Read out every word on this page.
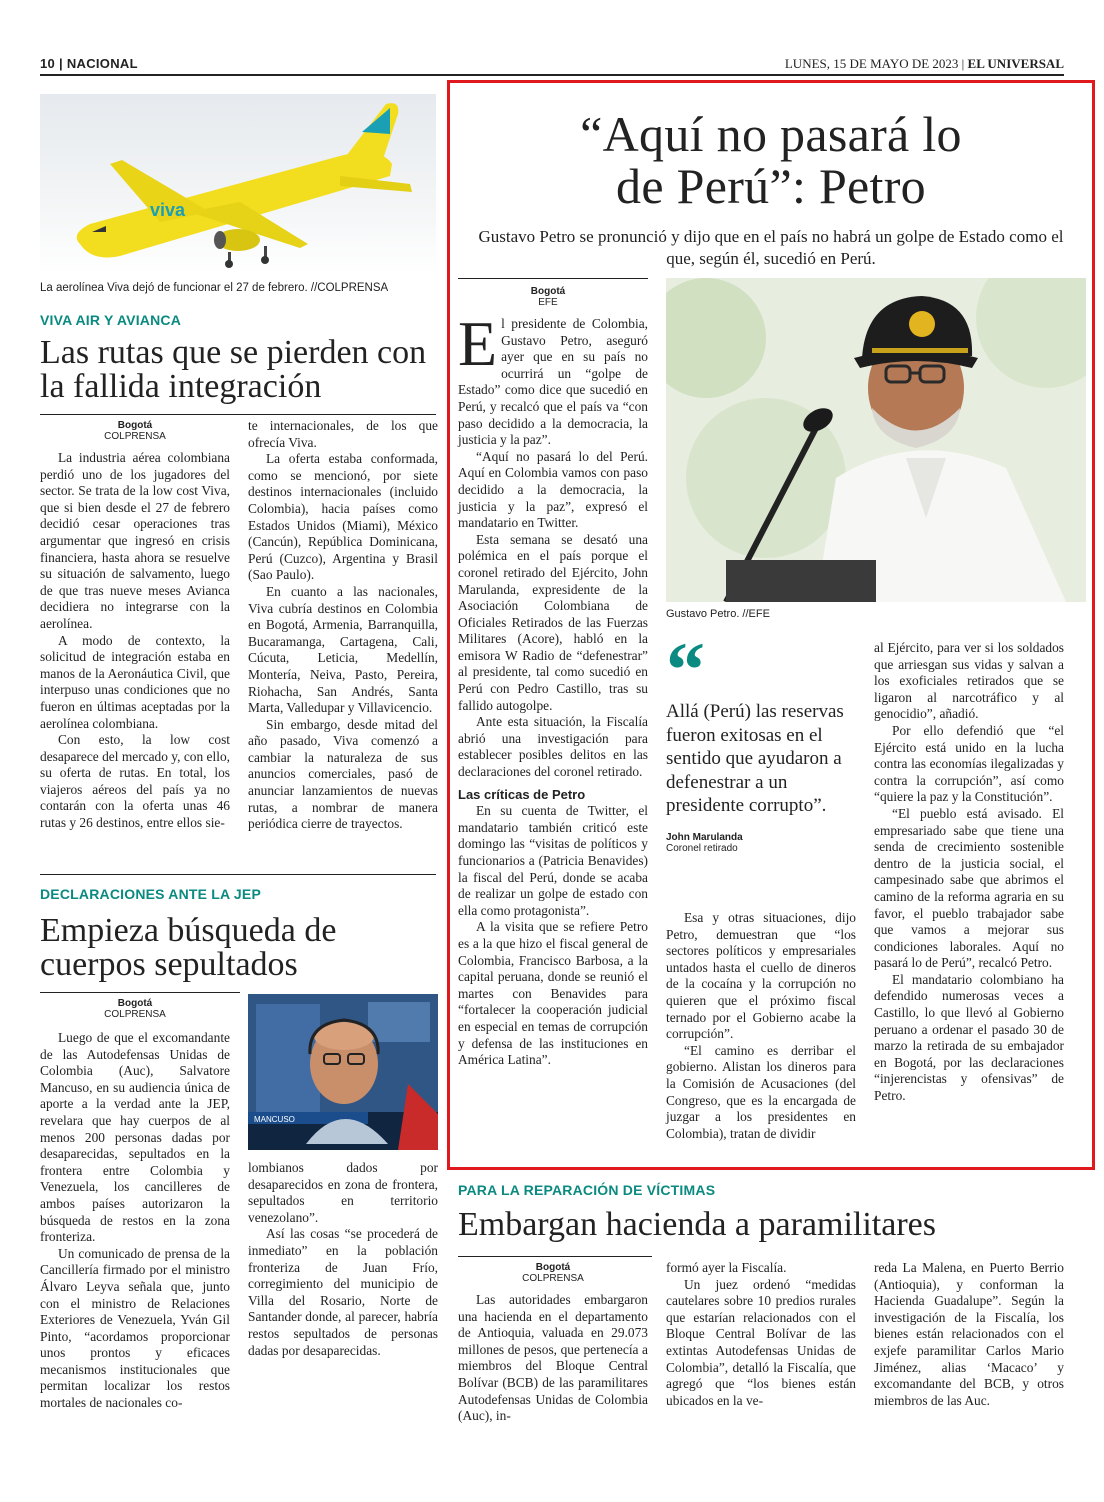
10 | NACIONAL	LUNES, 15 DE MAYO DE 2023 | EL UNIVERSAL
viva
La aerolínea Viva dejó de funcionar el 27 de febrero. //COLPRENSA
VIVA AIR Y AVIANCA
Las rutas que se pierden con la fallida integración
Bogotá
COLPRENSA

La industria aérea colombiana perdió uno de los jugadores del sector. Se trata de la low cost Viva, que si bien desde el 27 de febrero decidió cesar operaciones tras argumentar que ingresó en crisis financiera, hasta ahora se resuelve su situación de salvamento, luego de que tras nueve meses Avianca decidiera no integrarse con la aerolínea.

A modo de contexto, la solicitud de integración estaba en manos de la Aeronáutica Civil, que interpuso unas condiciones que no fueron en últimas aceptadas por la aerolínea colombiana.

Con esto, la low cost desaparece del mercado y, con ello, su oferta de rutas. En total, los viajeros aéreos del país ya no contarán con la oferta unas 46 rutas y 26 destinos, entre ellos sie-

te internacionales, de los que ofrecía Viva.

La oferta estaba conformada, como se mencionó, por siete destinos internacionales (incluido Colombia), hacia países como Estados Unidos (Miami), México (Cancún), República Dominicana, Perú (Cuzco), Argentina y Brasil (Sao Paulo).

En cuanto a las nacionales, Viva cubría destinos en Colombia en Bogotá, Armenia, Barranquilla, Bucaramanga, Cartagena, Cali, Cúcuta, Leticia, Medellín, Montería, Neiva, Pasto, Pereira, Riohacha, San Andrés, Santa Marta, Valledupar y Villavicencio.

Sin embargo, desde mitad del año pasado, Viva comenzó a cambiar la naturaleza de sus anuncios comerciales, pasó de anunciar lanzamientos de nuevas rutas, a nombrar de manera periódica cierre de trayectos.

DECLARACIONES ANTE LA JEP
Empieza búsqueda de cuerpos sepultados
Bogotá
COLPRENSA
MANCUSO

Luego de que el excomandante de las Autodefensas Unidas de Colombia (Auc), Salvatore Mancuso, en su audiencia única de aporte a la verdad ante la JEP, revelara que hay cuerpos de al menos 200 personas dadas por desaparecidas, sepultados en la frontera entre Colombia y Venezuela, los cancilleres de ambos países autorizaron la búsqueda de restos en la zona fronteriza.

Un comunicado de prensa de la Cancillería firmado por el ministro Álvaro Leyva señala que, junto con el ministro de Relaciones Exteriores de Venezuela, Yván Gil Pinto, “acordamos proporcionar unos prontos y eficaces mecanismos institucionales que permitan localizar los restos mortales de nacionales co-

lombianos dados por desaparecidos en zona de frontera, sepultados en territorio venezolano”.

Así las cosas “se procederá de inmediato” en la población fronteriza de Juan Frío, corregimiento del municipio de Villa del Rosario, Norte de Santander donde, al parecer, habría restos sepultados de personas dadas por desaparecidas.

“Aquí no pasará lo
de Perú”: Petro
Gustavo Petro se pronunció y dijo que en el país no habrá un golpe de Estado como el que, según él, sucedió en Perú.
Bogotá
EFE
E l presidente de Colombia, Gustavo Petro, aseguró ayer que en su país no ocurrirá un “golpe de Estado” como dice que sucedió en Perú, y recalcó que el país va “con paso decidido a la democracia, la justicia y la paz”.

“Aquí no pasará lo del Perú. Aquí en Colombia vamos con paso decidido a la democracia, la justicia y la paz”, expresó el mandatario en Twitter.

Esta semana se desató una polémica en el país porque el coronel retirado del Ejército, John Marulanda, expresidente de la Asociación Colombiana de Oficiales Retirados de las Fuerzas Militares (Acore), habló en la emisora W Radio de “defenestrar” al presidente, tal como sucedió en Perú con Pedro Castillo, tras su fallido autogolpe.

Ante esta situación, la Fiscalía abrió una investigación para establecer posibles delitos en las declaraciones del coronel retirado.

Las críticas de Petro

En su cuenta de Twitter, el mandatario también criticó este domingo las “visitas de políticos y funcionarios a (Patricia Benavides) la fiscal del Perú, donde se acaba de realizar un golpe de estado con ella como protagonista”.

A la visita que se refiere Petro es a la que hizo el fiscal general de Colombia, Francisco Barbosa, a la capital peruana, donde se reunió el martes con Benavides para “fortalecer la cooperación judicial en especial en temas de corrupción y defensa de las instituciones en América Latina”.

Gustavo Petro. //EFE
“
Allá (Perú) las reservas fueron exitosas en el sentido que ayudaron a defenestrar a un presidente corrupto”.
John Marulanda
Coronel retirado

Esa y otras situaciones, dijo Petro, demuestran que “los sectores políticos y empresariales untados hasta el cuello de dineros de la cocaína y la corrupción no quieren que el próximo fiscal ternado por el Gobierno acabe la corrupción”.

“El camino es derribar el gobierno. Alistan los dineros para la Comisión de Acusaciones (del Congreso, que es la encargada de juzgar a los presidentes en Colombia), tratan de dividir

al Ejército, para ver si los soldados que arriesgan sus vidas y salvan a los exoficiales retirados que se ligaron al narcotráfico y al genocidio”, añadió.

Por ello defendió que “el Ejército está unido en la lucha contra las economías ilegalizadas y contra la corrupción”, así como “quiere la paz y la Constitución”.

“El pueblo está avisado. El empresariado sabe que tiene una senda de crecimiento sostenible dentro de la justicia social, el campesinado sabe que abrimos el camino de la reforma agraria en su favor, el pueblo trabajador sabe que vamos a mejorar sus condiciones laborales. Aquí no pasará lo de Perú”, recalcó Petro.

El mandatario colombiano ha defendido numerosas veces a Castillo, lo que llevó al Gobierno peruano a ordenar el pasado 30 de marzo la retirada de su embajador en Bogotá, por las declaraciones “injerencistas y ofensivas” de Petro.

PARA LA REPARACIÓN DE VÍCTIMAS
Embargan hacienda a paramilitares
Bogotá
COLPRENSA

Las autoridades embargaron una hacienda en el departamento de Antioquia, valuada en 29.073 millones de pesos, que pertenecía a miembros del Bloque Central Bolívar (BCB) de las paramilitares Autodefensas Unidas de Colombia (Auc), in-

formó ayer la Fiscalía.

Un juez ordenó “medidas cautelares sobre 10 predios rurales que estarían relacionados con el Bloque Central Bolívar de las extintas Autodefensas Unidas de Colombia”, detalló la Fiscalía, que agregó que “los bienes están ubicados en la ve-

reda La Malena, en Puerto Berrio (Antioquia), y conforman la Hacienda Guadalupe”. Según la investigación de la Fiscalía, los bienes están relacionados con el exjefe paramilitar Carlos Mario Jiménez, alias ‘Macaco’ y excomandante del BCB, y otros miembros de las Auc.
